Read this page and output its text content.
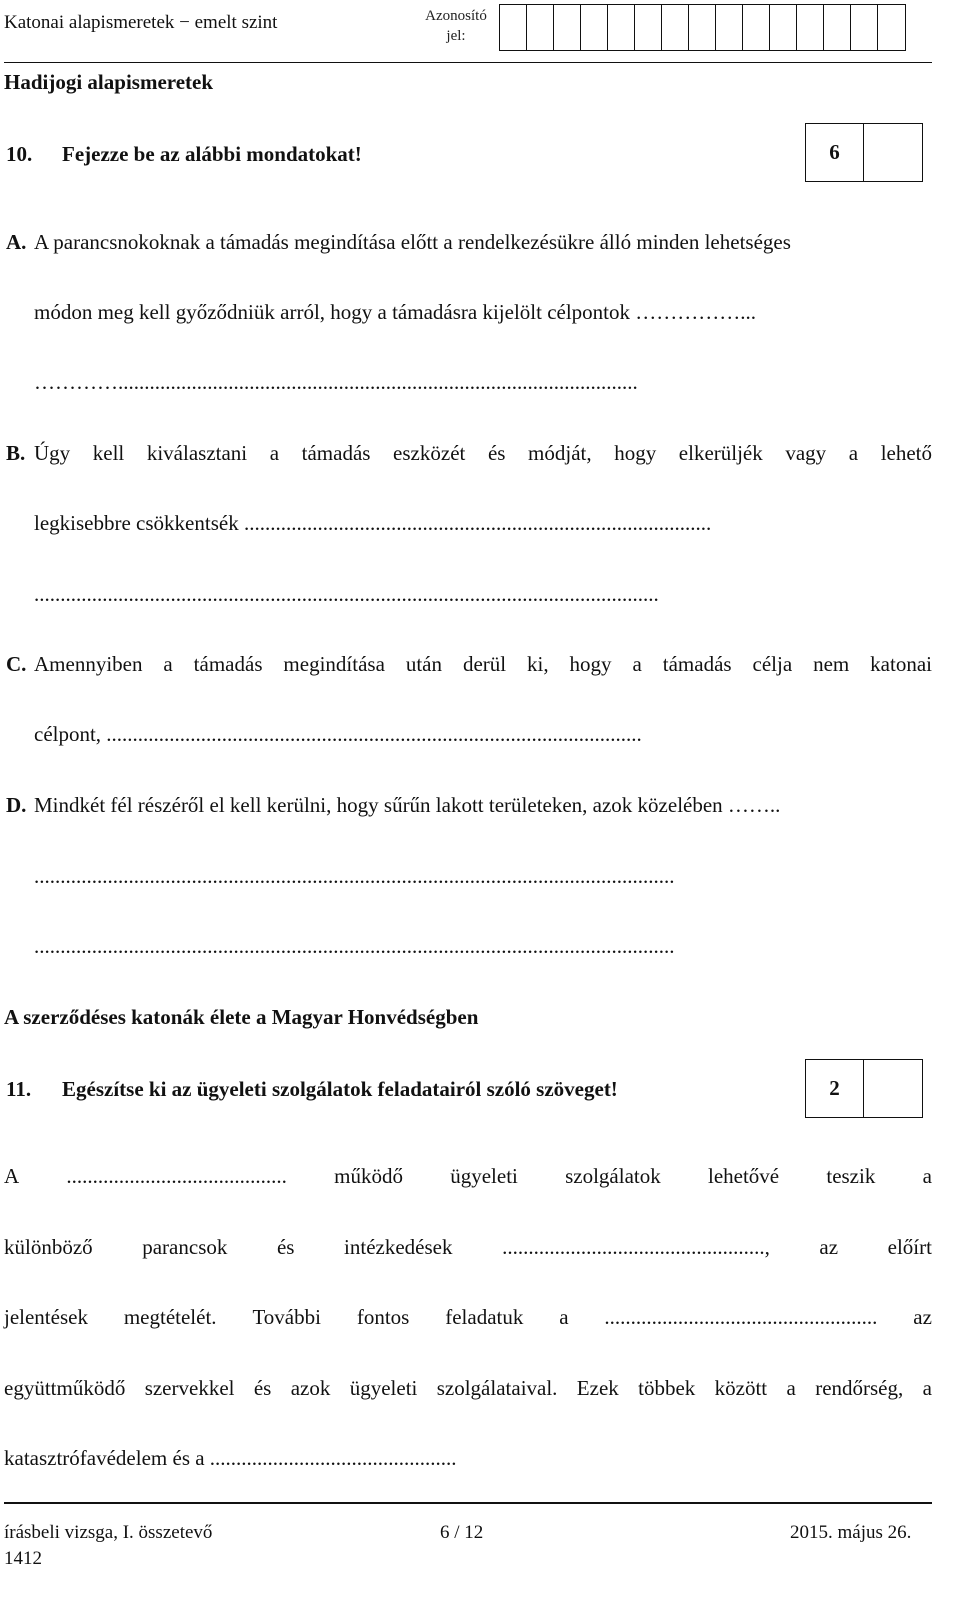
Katonai alapismeretek − emelt szint	Azonosító jel:
Hadijogi alapismeretek
10. Fejezze be az alábbi mondatokat!	6
A. A parancsnokoknak a támadás megindítása előtt a rendelkezésükre álló minden lehetséges
módon meg kell győződniük arról, hogy a támadásra kijelölt célpontok ……………...
…………...................................................................................................
B. Úgy kell kiválasztani a támadás eszközét és módját, hogy elkerüljék vagy a lehető
legkisebbre csökkentsék .........................................................................................
.......................................................................................................................
C. Amennyiben a támadás megindítása után derül ki, hogy a támadás célja nem katonai
célpont, ......................................................................................................
D. Mindkét fél részéről el kell kerülni, hogy sűrűn lakott területeken, azok közelében ……..
..........................................................................................................................
..........................................................................................................................
A szerződéses katonák élete a Magyar Honvédségben
11. Egészítse ki az ügyeleti szolgálatok feladatairól szóló szöveget!	2
A .......................................... működő ügyeleti szolgálatok lehetővé teszik a
különböző parancsok és intézkedések .................................................., az előírt
jelentések megtételét. További fontos feladatuk a .................................................... az
együttműködő szervekkel és azok ügyeleti szolgálataival. Ezek többek között a rendőrség, a
katasztrófavédelem és a ...............................................
írásbeli vizsga, I. összetevő	6 / 12	2015. május 26.
1412
